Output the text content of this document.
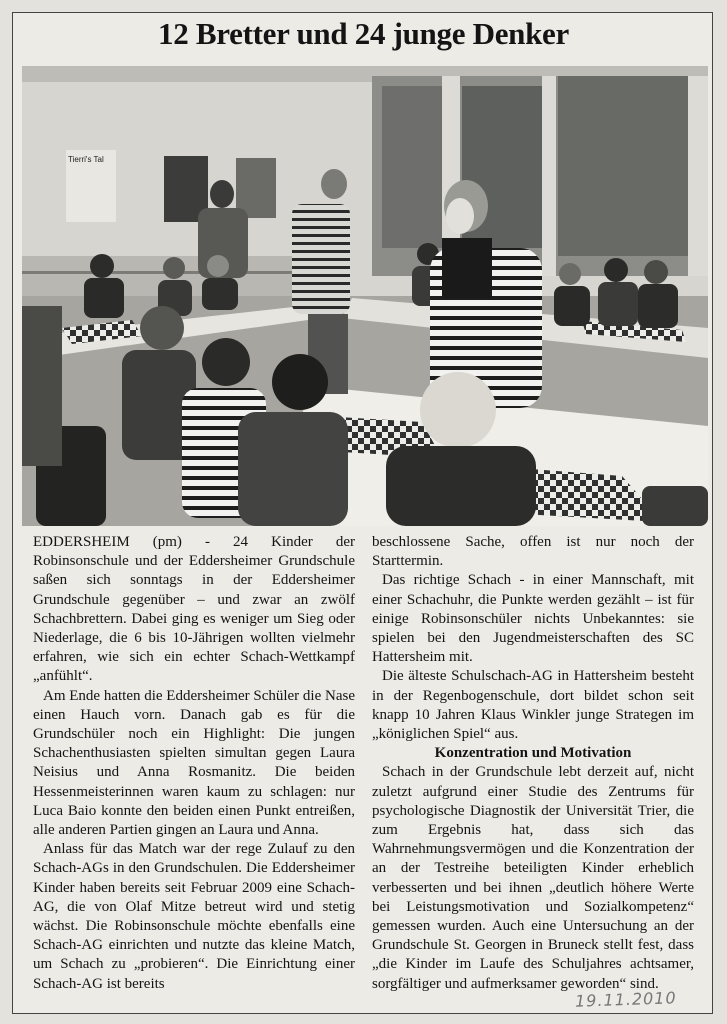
12 Bretter und 24 junge Denker
Tierri's Tal

EDDERSHEIM (pm) - 24 Kinder der Robinsonschule und der Eddersheimer Grundschule saßen sich sonntags in der Eddersheimer Grundschule gegenüber – und zwar an zwölf Schachbrettern. Dabei ging es weniger um Sieg oder Niederlage, die 6 bis 10-Jährigen wollten vielmehr erfahren, wie sich ein echter Schach-Wettkampf „anfühlt“.

Am Ende hatten die Eddersheimer Schüler die Nase einen Hauch vorn. Danach gab es für die Grundschüler noch ein Highlight: Die jungen Schachenthusiasten spielten simultan gegen Laura Neisius und Anna Rosmanitz. Die beiden Hessenmeisterinnen waren kaum zu schlagen: nur Luca Baio konnte den beiden einen Punkt entreißen, alle anderen Partien gingen an Laura und Anna.

Anlass für das Match war der rege Zulauf zu den Schach-AGs in den Grundschulen. Die Eddersheimer Kinder haben bereits seit Februar 2009 eine Schach-AG, die von Olaf Mitze betreut wird und stetig wächst. Die Robinsonschule möchte ebenfalls eine Schach-AG einrichten und nutzte das kleine Match, um Schach zu „probieren“. Die Einrichtung einer Schach-AG ist bereits

beschlossene Sache, offen ist nur noch der Starttermin.

Das richtige Schach - in einer Mannschaft, mit einer Schachuhr, die Punkte werden gezählt – ist für einige Robinsonschüler nichts Unbekanntes: sie spielen bei den Jugendmeisterschaften des SC Hattersheim mit.

Die älteste Schulschach-AG in Hattersheim besteht in der Regenbogenschule, dort bildet schon seit knapp 10 Jahren Klaus Winkler junge Strategen im „königlichen Spiel“ aus.

Konzentration und Motivation

Schach in der Grundschule lebt derzeit auf, nicht zuletzt aufgrund einer Studie des Zentrums für psychologische Diagnostik der Universität Trier, die zum Ergebnis hat, dass sich das Wahrnehmungsvermögen und die Konzentration der an der Testreihe beteiligten Kinder erheblich verbesserten und bei ihnen „deutlich höhere Werte bei Leistungsmotivation und Sozialkompetenz“ gemessen wurden. Auch eine Untersuchung an der Grundschule St. Georgen in Bruneck stellt fest, dass „die Kinder im Laufe des Schuljahres achtsamer, sorgfältiger und aufmerksamer geworden“ sind.

19.11.2010
